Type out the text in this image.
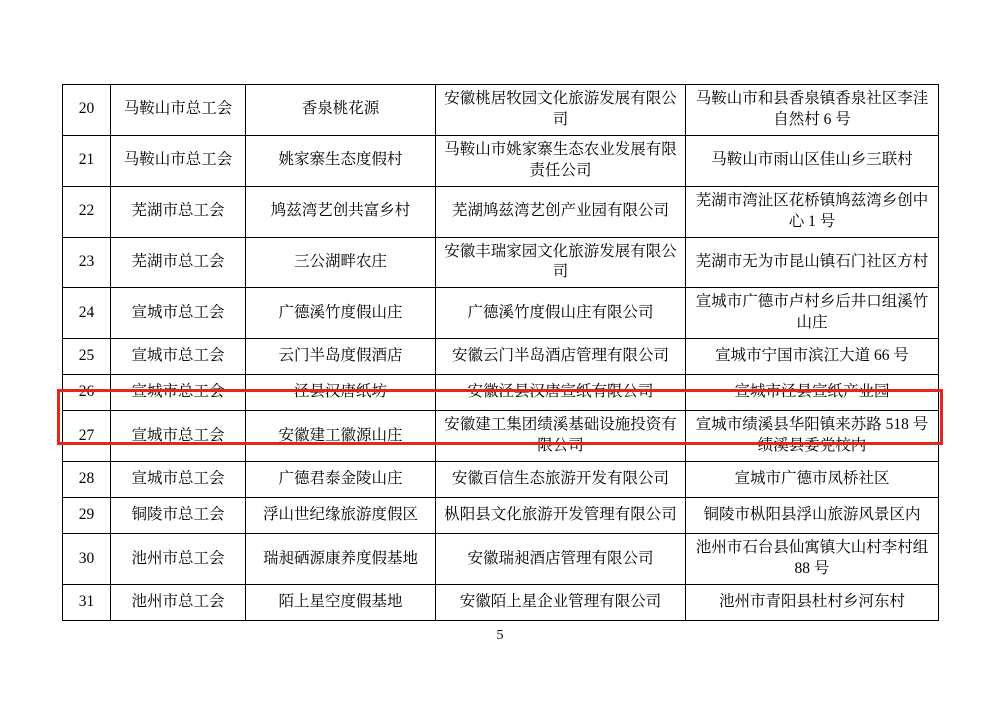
20	马鞍山市总工会	香泉桃花源	安徽桃居牧园文化旅游发展有限公司	马鞍山市和县香泉镇香泉社区李洼自然村 6 号
21	马鞍山市总工会	姚家寨生态度假村	马鞍山市姚家寨生态农业发展有限责任公司	马鞍山市雨山区佳山乡三联村
22	芜湖市总工会	鸠兹湾艺创共富乡村	芜湖鸠兹湾艺创产业园有限公司	芜湖市湾沚区花桥镇鸠兹湾乡创中心 1 号
23	芜湖市总工会	三公湖畔农庄	安徽丰瑞家园文化旅游发展有限公司	芜湖市无为市昆山镇石门社区方村
24	宣城市总工会	广德溪竹度假山庄	广德溪竹度假山庄有限公司	宣城市广德市卢村乡后井口组溪竹山庄
25	宣城市总工会	云门半岛度假酒店	安徽云门半岛酒店管理有限公司	宣城市宁国市滨江大道 66 号
26	宣城市总工会	泾县汉唐纸坊	安徽泾县汉唐宣纸有限公司	宣城市泾县宣纸产业园
27	宣城市总工会	安徽建工徽源山庄	安徽建工集团绩溪基础设施投资有限公司	宣城市绩溪县华阳镇来苏路 518 号绩溪县委党校内
28	宣城市总工会	广德君泰金陵山庄	安徽百信生态旅游开发有限公司	宣城市广德市凤桥社区
29	铜陵市总工会	浮山世纪缘旅游度假区	枞阳县文化旅游开发管理有限公司	铜陵市枞阳县浮山旅游风景区内
30	池州市总工会	瑞昶硒源康养度假基地	安徽瑞昶酒店管理有限公司	池州市石台县仙寓镇大山村李村组 88 号
31	池州市总工会	陌上星空度假基地	安徽陌上星企业管理有限公司	池州市青阳县杜村乡河东村
5
